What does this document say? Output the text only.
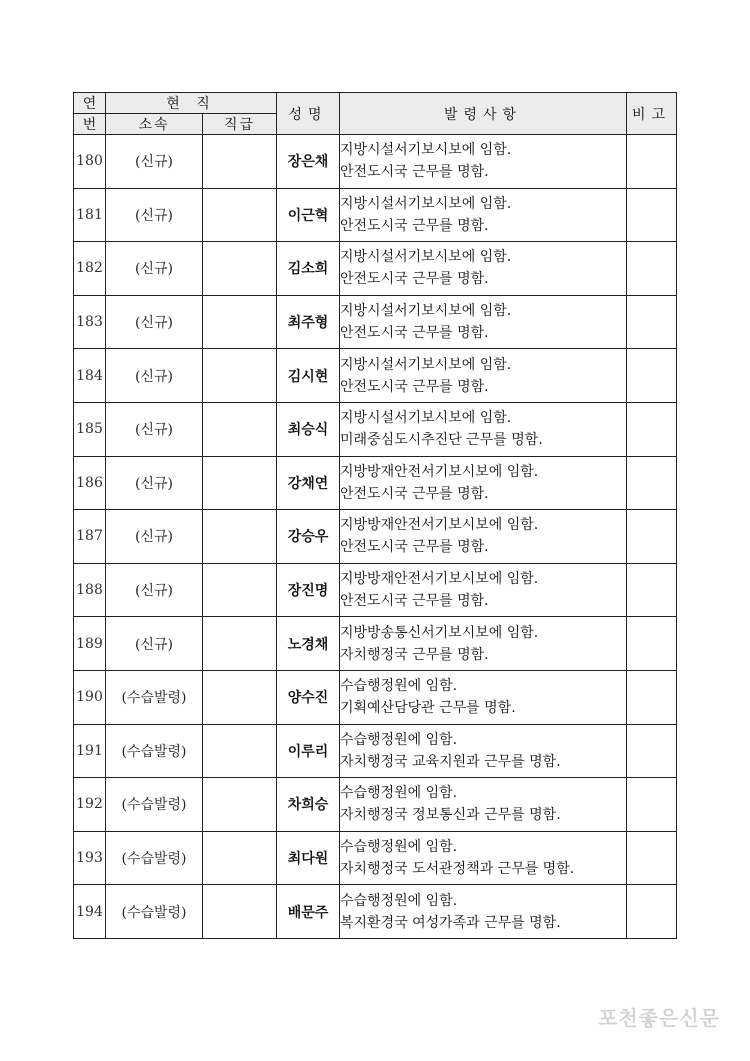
연	현 직		성명	발령사항	비고
번	소속	직급			
180	(신규)		장은채	지방시설서기보시보에 임함.
안전도시국 근무를 명함.	

181	(신규)		이근혁	지방시설서기보시보에 임함.
안전도시국 근무를 명함.	

182	(신규)		김소희	지방시설서기보시보에 임함.
안전도시국 근무를 명함.	

183	(신규)		최주형	지방시설서기보시보에 임함.
안전도시국 근무를 명함.	

184	(신규)		김시현	지방시설서기보시보에 임함.
안전도시국 근무를 명함.	

185	(신규)		최승식	지방시설서기보시보에 임함.
미래중심도시추진단 근무를 명함.	

186	(신규)		강채연	지방방재안전서기보시보에 임함.
안전도시국 근무를 명함.	

187	(신규)		강승우	지방방재안전서기보시보에 임함.
안전도시국 근무를 명함.	

188	(신규)		장진명	지방방재안전서기보시보에 임함.
안전도시국 근무를 명함.	

189	(신규)		노경채	지방방송통신서기보시보에 임함.
자치행정국 근무를 명함.	

190	(수습발령)		양수진	수습행정원에 임함.
기획예산담당관 근무를 명함.	

191	(수습발령)		이루리	수습행정원에 임함.
자치행정국 교육지원과 근무를 명함.	

192	(수습발령)		차희승	수습행정원에 임함.
자치행정국 정보통신과 근무를 명함.	

193	(수습발령)		최다원	수습행정원에 임함.
자치행정국 도서관정책과 근무를 명함.	

194	(수습발령)		배문주	수습행정원에 임함.
복지환경국 여성가족과 근무를 명함.	

포천좋은신문
